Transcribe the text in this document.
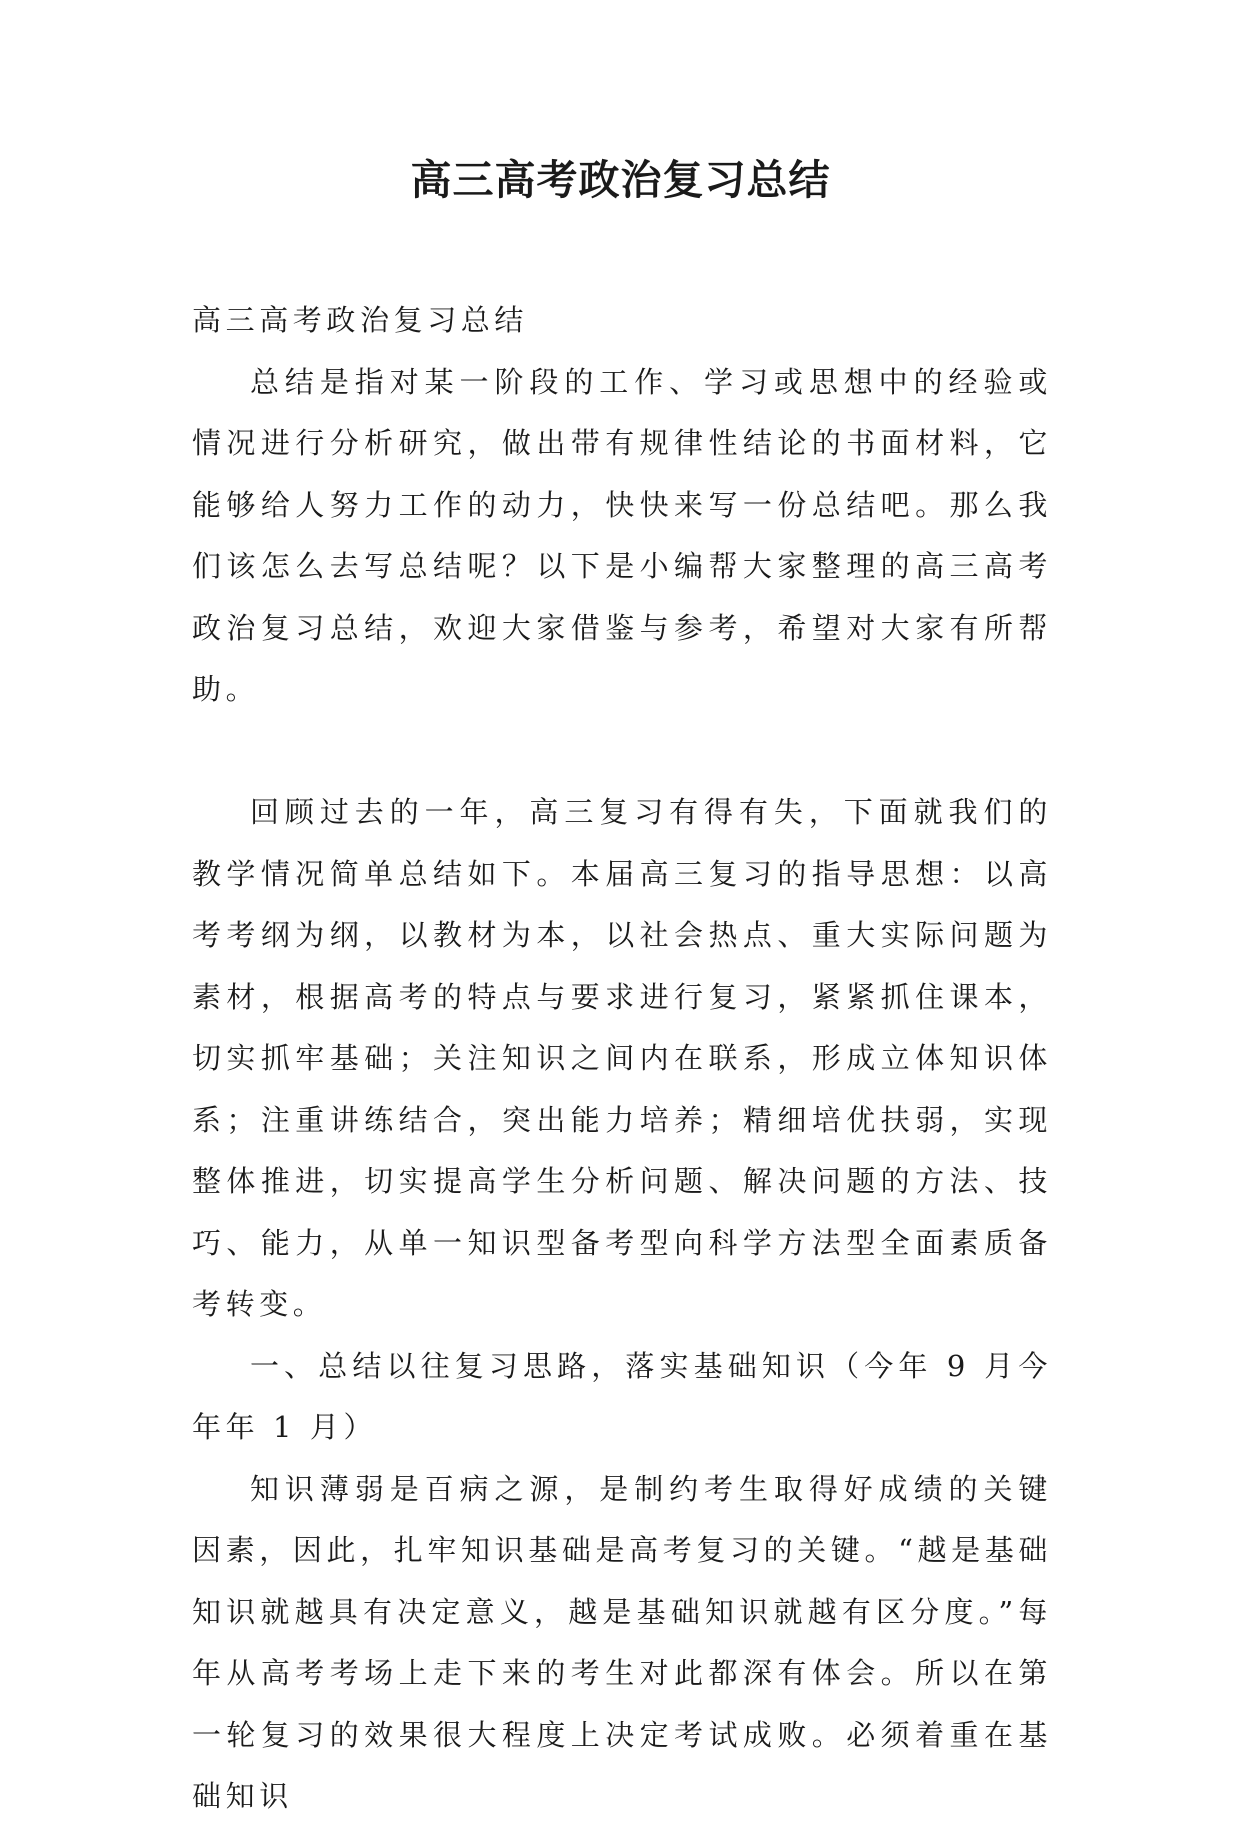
高三高考政治复习总结

高三高考政治复习总结

总结是指对某一阶段的工作、学习或思想中的经验或情况进行分析研究，做出带有规律性结论的书面材料，它能够给人努力工作的动力，快快来写一份总结吧。那么我们该怎么去写总结呢？以下是小编帮大家整理的高三高考政治复习总结，欢迎大家借鉴与参考，希望对大家有所帮助。

回顾过去的一年，高三复习有得有失，下面就我们的教学情况简单总结如下。本届高三复习的指导思想：以高考考纲为纲，以教材为本，以社会热点、重大实际问题为素材，根据高考的特点与要求进行复习，紧紧抓住课本，切实抓牢基础；关注知识之间内在联系，形成立体知识体系；注重讲练结合，突出能力培养；精细培优扶弱，实现整体推进，切实提高学生分析问题、解决问题的方法、技巧、能力，从单一知识型备考型向科学方法型全面素质备考转变。

一、总结以往复习思路，落实基础知识（今年 9 月今年年 1 月）

知识薄弱是百病之源，是制约考生取得好成绩的关键因素，因此，扎牢知识基础是高考复习的关键。“越是基础知识就越具有决定意义，越是基础知识就越有区分度。”每年从高考考场上走下来的考生对此都深有体会。所以在第一轮复习的效果很大程度上决定考试成败。必须着重在基础知识
